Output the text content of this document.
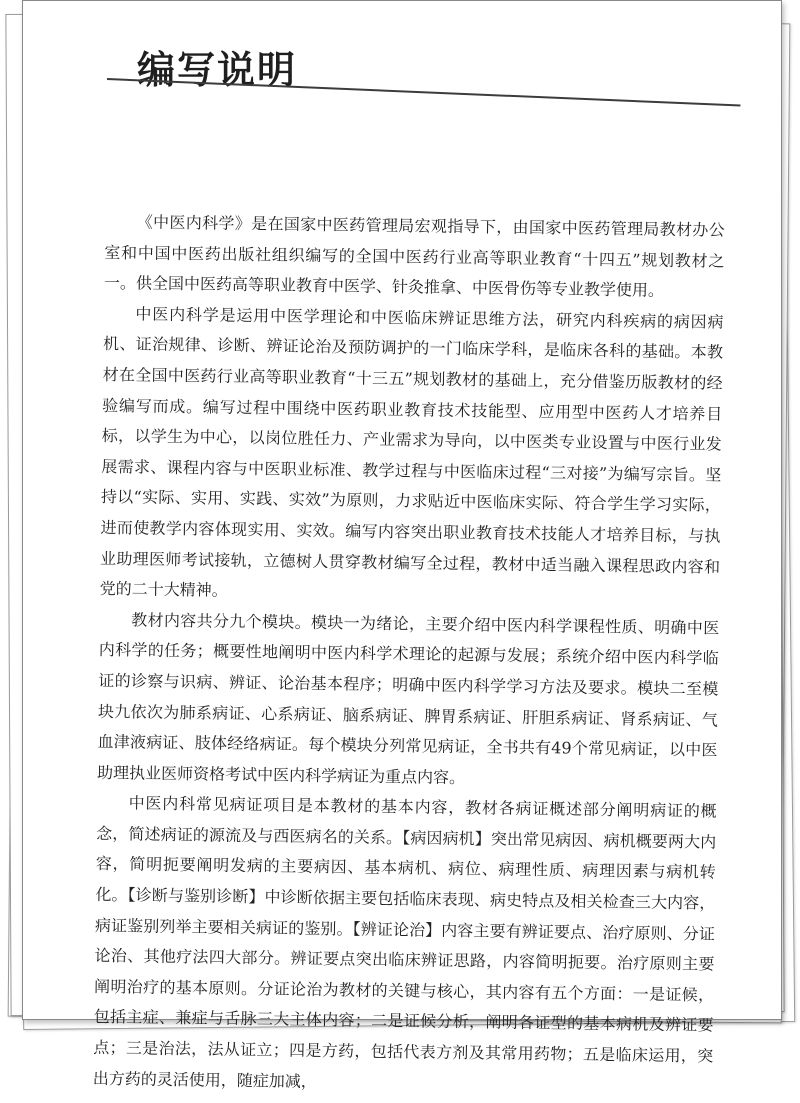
编写说明

《中医内科学》是在国家中医药管理局宏观指导下，由国家中医药管理局教材办公室和中国中医药出版社组织编写的全国中医药行业高等职业教育“十四五”规划教材之一。供全国中医药高等职业教育中医学、针灸推拿、中医骨伤等专业教学使用。

中医内科学是运用中医学理论和中医临床辨证思维方法，研究内科疾病的病因病机、证治规律、诊断、辨证论治及预防调护的一门临床学科，是临床各科的基础。本教材在全国中医药行业高等职业教育“十三五”规划教材的基础上，充分借鉴历版教材的经验编写而成。编写过程中围绕中医药职业教育技术技能型、应用型中医药人才培养目标，以学生为中心，以岗位胜任力、产业需求为导向，以中医类专业设置与中医行业发展需求、课程内容与中医职业标准、教学过程与中医临床过程“三对接”为编写宗旨。坚持以“实际、实用、实践、实效”为原则，力求贴近中医临床实际、符合学生学习实际，进而使教学内容体现实用、实效。编写内容突出职业教育技术技能人才培养目标，与执业助理医师考试接轨，立德树人贯穿教材编写全过程，教材中适当融入课程思政内容和党的二十大精神。

教材内容共分九个模块。模块一为绪论，主要介绍中医内科学课程性质、明确中医内科学的任务；概要性地阐明中医内科学术理论的起源与发展；系统介绍中医内科学临证的诊察与识病、辨证、论治基本程序；明确中医内科学学习方法及要求。模块二至模块九依次为肺系病证、心系病证、脑系病证、脾胃系病证、肝胆系病证、肾系病证、气血津液病证、肢体经络病证。每个模块分列常见病证，全书共有49个常见病证，以中医助理执业医师资格考试中医内科学病证为重点内容。

中医内科常见病证项目是本教材的基本内容，教材各病证概述部分阐明病证的概念，简述病证的源流及与西医病名的关系。【病因病机】突出常见病因、病机概要两大内容，简明扼要阐明发病的主要病因、基本病机、病位、病理性质、病理因素与病机转化。【诊断与鉴别诊断】中诊断依据主要包括临床表现、病史特点及相关检查三大内容，病证鉴别列举主要相关病证的鉴别。【辨证论治】内容主要有辨证要点、治疗原则、分证论治、其他疗法四大部分。辨证要点突出临床辨证思路，内容简明扼要。治疗原则主要阐明治疗的基本原则。分证论治为教材的关键与核心，其内容有五个方面：一是证候，包括主症、兼症与舌脉三大主体内容；二是证候分析，阐明各证型的基本病机及辨证要点；三是治法，法从证立；四是方药，包括代表方剂及其常用药物；五是临床运用，突出方药的灵活使用，随症加减，
